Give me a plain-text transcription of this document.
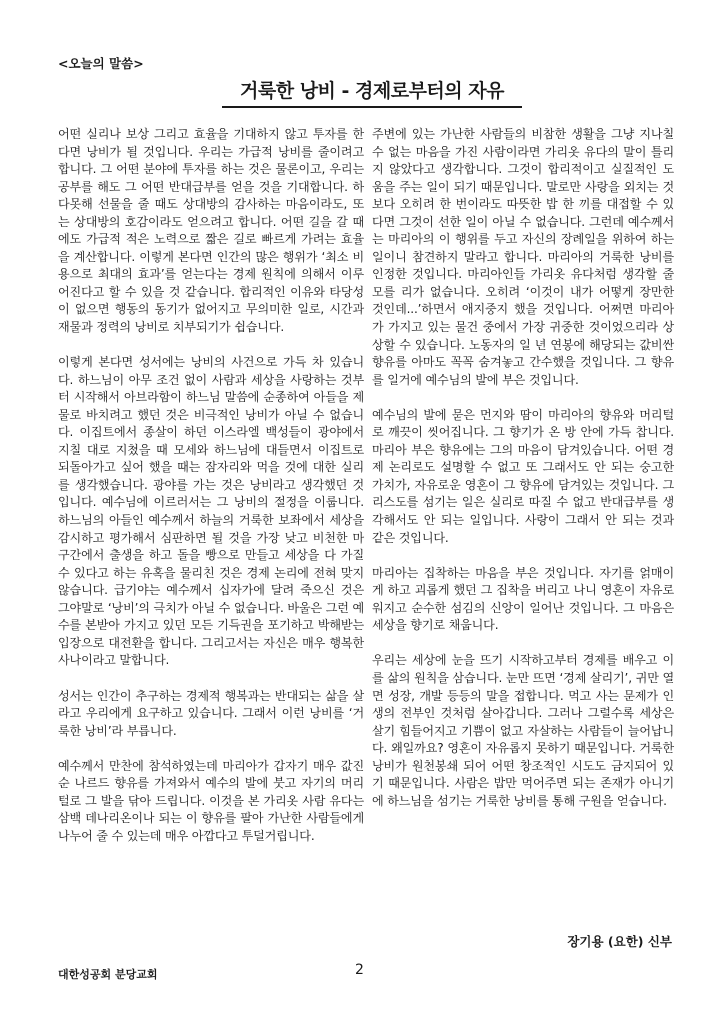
<오늘의 말씀>
거룩한 낭비 - 경제로부터의 자유

어떤 실리나 보상 그리고 효율을 기대하지 않고 투자를 한다면 낭비가 될 것입니다. 우리는 가급적 낭비를 줄이려고 합니다. 그 어떤 분야에 투자를 하는 것은 물론이고, 우리는 공부를 해도 그 어떤 반대급부를 얻을 것을 기대합니다. 하다못해 선물을 줄 때도 상대방의 감사하는 마음이라도, 또는 상대방의 호감이라도 얻으려고 합니다. 어떤 길을 갈 때에도 가급적 적은 노력으로 짧은 길로 빠르게 가려는 효율을 계산합니다. 이렇게 본다면 인간의 많은 행위가 ‘최소 비용으로 최대의 효과’를 얻는다는 경제 원칙에 의해서 이루어진다고 할 수 있을 것 같습니다. 합리적인 이유와 타당성이 없으면 행동의 동기가 없어지고 무의미한 일로, 시간과 재물과 정력의 낭비로 치부되기가 쉽습니다.

이렇게 본다면 성서에는 낭비의 사건으로 가득 차 있습니다. 하느님이 아무 조건 없이 사람과 세상을 사랑하는 것부터 시작해서 아브라함이 하느님 말씀에 순종하여 아들을 제물로 바치려고 했던 것은 비극적인 낭비가 아닐 수 없습니다. 이집트에서 종살이 하던 이스라엘 백성들이 광야에서 지칠 대로 지쳤을 때 모세와 하느님에 대들면서 이집트로 되돌아가고 싶어 했을 때는 잠자리와 먹을 것에 대한 실리를 생각했습니다. 광야를 가는 것은 낭비라고 생각했던 것입니다. 예수님에 이르러서는 그 낭비의 절정을 이룹니다. 하느님의 아들인 예수께서 하늘의 거룩한 보좌에서 세상을 감시하고 평가해서 심판하면 될 것을 가장 낮고 비천한 마구간에서 출생을 하고 돌을 빵으로 만들고 세상을 다 가질 수 있다고 하는 유혹을 물리친 것은 경제 논리에 전혀 맞지 않습니다. 급기야는 예수께서 십자가에 달려 죽으신 것은 그야말로 ‘낭비’의 극치가 아닐 수 없습니다. 바울은 그런 예수를 본받아 가지고 있던 모든 기득권을 포기하고 박해받는 입장으로 대전환을 합니다. 그리고서는 자신은 매우 행복한 사나이라고 말합니다.

성서는 인간이 추구하는 경제적 행복과는 반대되는 삶을 살라고 우리에게 요구하고 있습니다. 그래서 이런 낭비를 ‘거룩한 낭비’라 부릅니다.

예수께서 만찬에 참석하였는데 마리아가 갑자기 매우 값진 순 나르드 향유를 가져와서 예수의 발에 붓고 자기의 머리털로 그 발을 닦아 드립니다. 이것을 본 가리옷 사람 유다는 삼백 데나리온이나 되는 이 향유를 팔아 가난한 사람들에게 나누어 줄 수 있는데 매우 아깝다고 투덜거립니다.

주변에 있는 가난한 사람들의 비참한 생활을 그냥 지나칠 수 없는 마음을 가진 사람이라면 가리옷 유다의 말이 틀리지 않았다고 생각합니다. 그것이 합리적이고 실질적인 도움을 주는 일이 되기 때문입니다. 말로만 사랑을 외치는 것보다 오히려 한 번이라도 따뜻한 밥 한 끼를 대접할 수 있다면 그것이 선한 일이 아닐 수 없습니다. 그런데 예수께서는 마리아의 이 행위를 두고 자신의 장례일을 위하여 하는 일이니 참견하지 말라고 합니다. 마리아의 거룩한 낭비를 인정한 것입니다. 마리아인들 가리옷 유다처럼 생각할 줄 모를 리가 없습니다. 오히려 ‘이것이 내가 어떻게 장만한 것인데...’하면서 애지중지 했을 것입니다. 어쩌면 마리아가 가지고 있는 물건 중에서 가장 귀중한 것이었으리라 상상할 수 있습니다. 노동자의 일 년 연봉에 해당되는 값비싼 향유를 아마도 꼭꼭 숨겨놓고 간수했을 것입니다. 그 향유를 일거에 예수님의 발에 부은 것입니다.

예수님의 발에 묻은 먼지와 땀이 마리아의 향유와 머리털로 깨끗이 씻어집니다. 그 향기가 온 방 안에 가득 찹니다. 마리아 부은 향유에는 그의 마음이 담겨있습니다. 어떤 경제 논리로도 설명할 수 없고 또 그래서도 안 되는 숭고한 가치가, 자유로운 영혼이 그 향유에 담겨있는 것입니다. 그리스도를 섬기는 일은 실리로 따질 수 없고 반대급부를 생각해서도 안 되는 일입니다. 사랑이 그래서 안 되는 것과 같은 것입니다.

마리아는 집착하는 마음을 부은 것입니다. 자기를 얽매이게 하고 괴롭게 했던 그 집착을 버리고 나니 영혼이 자유로워지고 순수한 섬김의 신앙이 일어난 것입니다. 그 마음은 세상을 향기로 채웁니다.

우리는 세상에 눈을 뜨기 시작하고부터 경제를 배우고 이를 삶의 원칙을 삼습니다. 눈만 뜨면 ‘경제 살리기’, 귀만 열면 성장, 개발 등등의 말을 접합니다. 먹고 사는 문제가 인생의 전부인 것처럼 살아갑니다. 그러나 그럴수록 세상은 살기 힘들어지고 기쁨이 없고 자살하는 사람들이 늘어납니다. 왜일까요? 영혼이 자유롭지 못하기 때문입니다. 거룩한 낭비가 원천봉쇄 되어 어떤 창조적인 시도도 금지되어 있기 때문입니다. 사람은 밥만 먹어주면 되는 존재가 아니기에 하느님을 섬기는 거룩한 낭비를 통해 구원을 얻습니다.

장기용 (요한) 신부
대한성공회 분당교회	2
